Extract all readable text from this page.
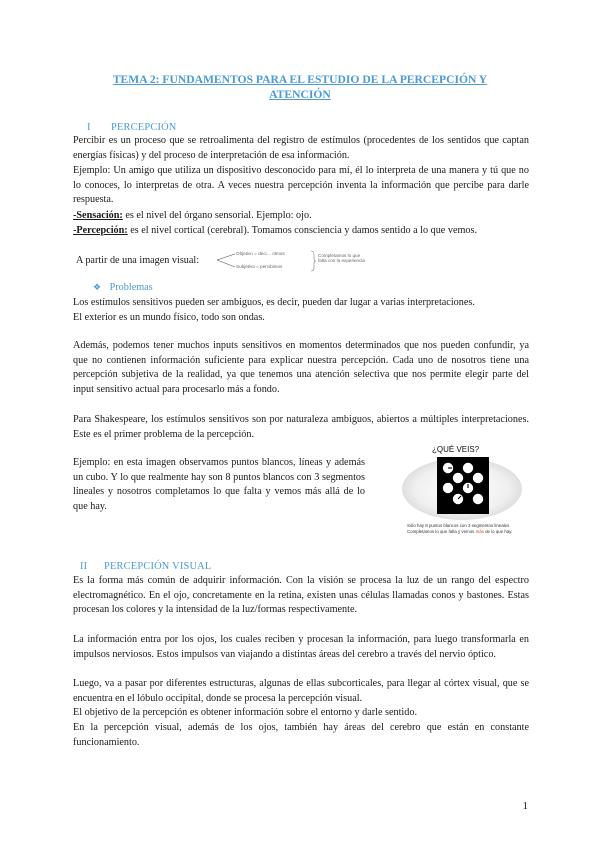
TEMA 2: FUNDAMENTOS PARA EL ESTUDIO DE LA PERCEPCIÓN Y
ATENCIÓN
I PERCEPCIÓN

Percibir es un proceso que se retroalimenta del registro de estímulos (procedentes de los sentidos que captan energías físicas) y del proceso de interpretación de esa información.

Ejemplo: Un amigo que utiliza un dispositivo desconocido para mí, él lo interpreta de una manera y tú que no lo conoces, lo interpretas de otra. A veces nuestra percepción inventa la información que percibe para darle respuesta.

-Sensación: es el nivel del órgano sensorial. Ejemplo: ojo.

-Percepción: es el nivel cortical (cerebral). Tomamos consciencia y damos sentido a lo que vemos.

A partir de una imagen visual:
Objetivo = deci… olmos
Subjetivo = percibimos
Completamos lo que falta con la experiencia
❖ Problemas

Los estímulos sensitivos pueden ser ambiguos, es decir, pueden dar lugar a varias interpretaciones.

El exterior es un mundo físico, todo son ondas.

Además, podemos tener muchos inputs sensitivos en momentos determinados que nos pueden confundir, ya que no contienen información suficiente para explicar nuestra percepción. Cada uno de nosotros tiene una percepción subjetiva de la realidad, ya que tenemos una atención selectiva que nos permite elegir parte del input sensitivo actual para procesarlo más a fondo.

Para Shakespeare, los estímulos sensitivos son por naturaleza ambiguos, abiertos a múltiples interpretaciones. Este es el primer problema de la percepción.

Ejemplo: en esta imagen observamos puntos blancos, líneas y además un cubo. Y lo que realmente hay son 8 puntos blancos con 3 segmentos lineales y nosotros completamos lo que falta y vemos más allá de lo que hay.

¿QUÉ VEIS?
Sólo hay 8 puntos blancos con 3 segmentos lineales
Completamos lo que falta y vemos más de lo que hay.
II PERCEPCIÓN VISUAL

Es la forma más común de adquirir información. Con la visión se procesa la luz de un rango del espectro electromagnético. En el ojo, concretamente en la retina, existen unas células llamadas conos y bastones. Estas procesan los colores y la intensidad de la luz/formas respectivamente.

La información entra por los ojos, los cuales reciben y procesan la información, para luego transformarla en impulsos nerviosos. Estos impulsos van viajando a distintas áreas del cerebro a través del nervio óptico.

Luego, va a pasar por diferentes estructuras, algunas de ellas subcorticales, para llegar al córtex visual, que se encuentra en el lóbulo occipital, donde se procesa la percepción visual.

El objetivo de la percepción es obtener información sobre el entorno y darle sentido.

En la percepción visual, además de los ojos, también hay áreas del cerebro que están en constante funcionamiento.

1
